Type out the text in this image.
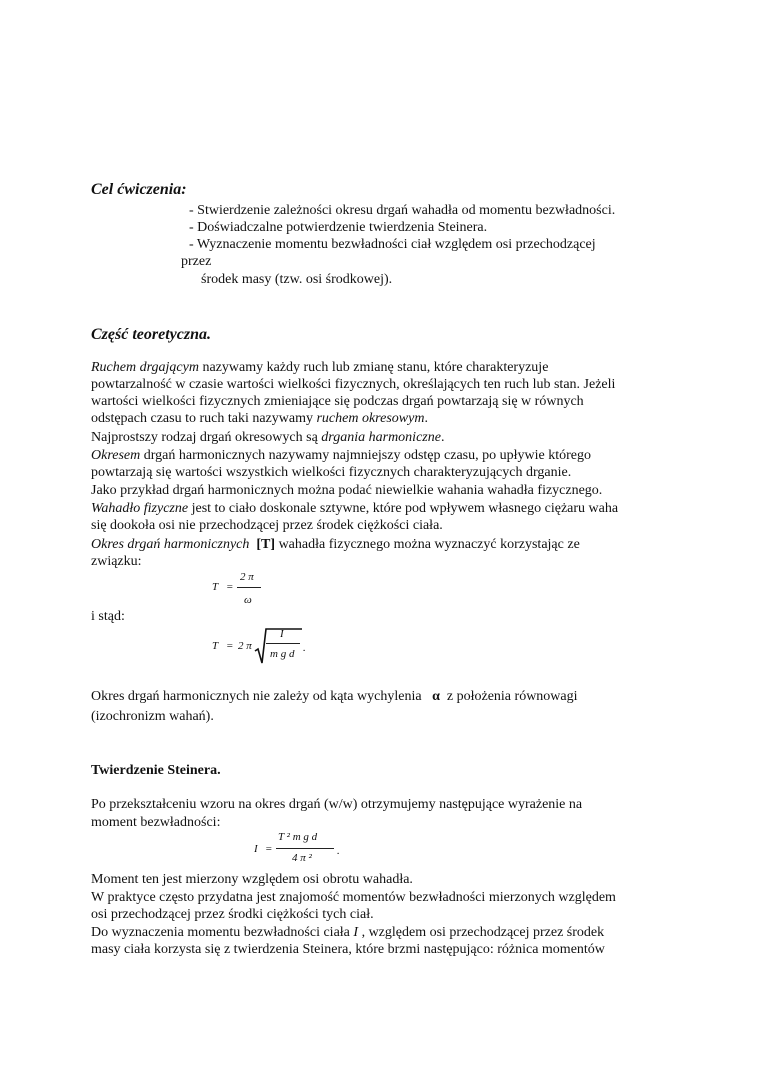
Cel ćwiczenia:
- Stwierdzenie zależności okresu drgań wahadła od momentu bezwładności.
- Doświadczalne potwierdzenie twierdzenia Steinera.
- Wyznaczenie momentu bezwładności ciał względem osi przechodzącej
przez
środek masy (tzw. osi środkowej).
Część teoretyczna.
Ruchem drgającym nazywamy każdy ruch lub zmianę stanu, które charakteryzuje
powtarzalność w czasie wartości wielkości fizycznych, określających ten ruch lub stan. Jeżeli
wartości wielkości fizycznych zmieniające się podczas drgań powtarzają się w równych
odstępach czasu to ruch taki nazywamy ruchem okresowym.
Najprostszy rodzaj drgań okresowych są drgania harmoniczne.
Okresem drgań harmonicznych nazywamy najmniejszy odstęp czasu, po upływie którego
powtarzają się wartości wszystkich wielkości fizycznych charakteryzujących drganie.
Jako przykład drgań harmonicznych można podać niewielkie wahania wahadła fizycznego.
Wahadło fizyczne jest to ciało doskonale sztywne, które pod wpływem własnego ciężaru waha
się dookoła osi nie przechodzącej przez środek ciężkości ciała.
Okres drgań harmonicznych [T] wahadła fizycznego można wyznaczyć korzystając ze
związku:
T =
2 π
ω
i stąd:
T = 2 π
I
m g d .
Okres drgań harmonicznych nie zależy od kąta wychylenia α z położenia równowagi
(izochronizm wahań).
Twierdzenie Steinera.
Po przekształceniu wzoru na okres drgań (w/w) otrzymujemy następujące wyrażenie na
moment bezwładności:
I =
T ² m g d
4 π ²
.
Moment ten jest mierzony względem osi obrotu wahadła.
W praktyce często przydatna jest znajomość momentów bezwładności mierzonych względem
osi przechodzącej przez środki ciężkości tych ciał.
Do wyznaczenia momentu bezwładności ciała I , względem osi przechodzącej przez środek
masy ciała korzysta się z twierdzenia Steinera, które brzmi następująco: różnica momentów
